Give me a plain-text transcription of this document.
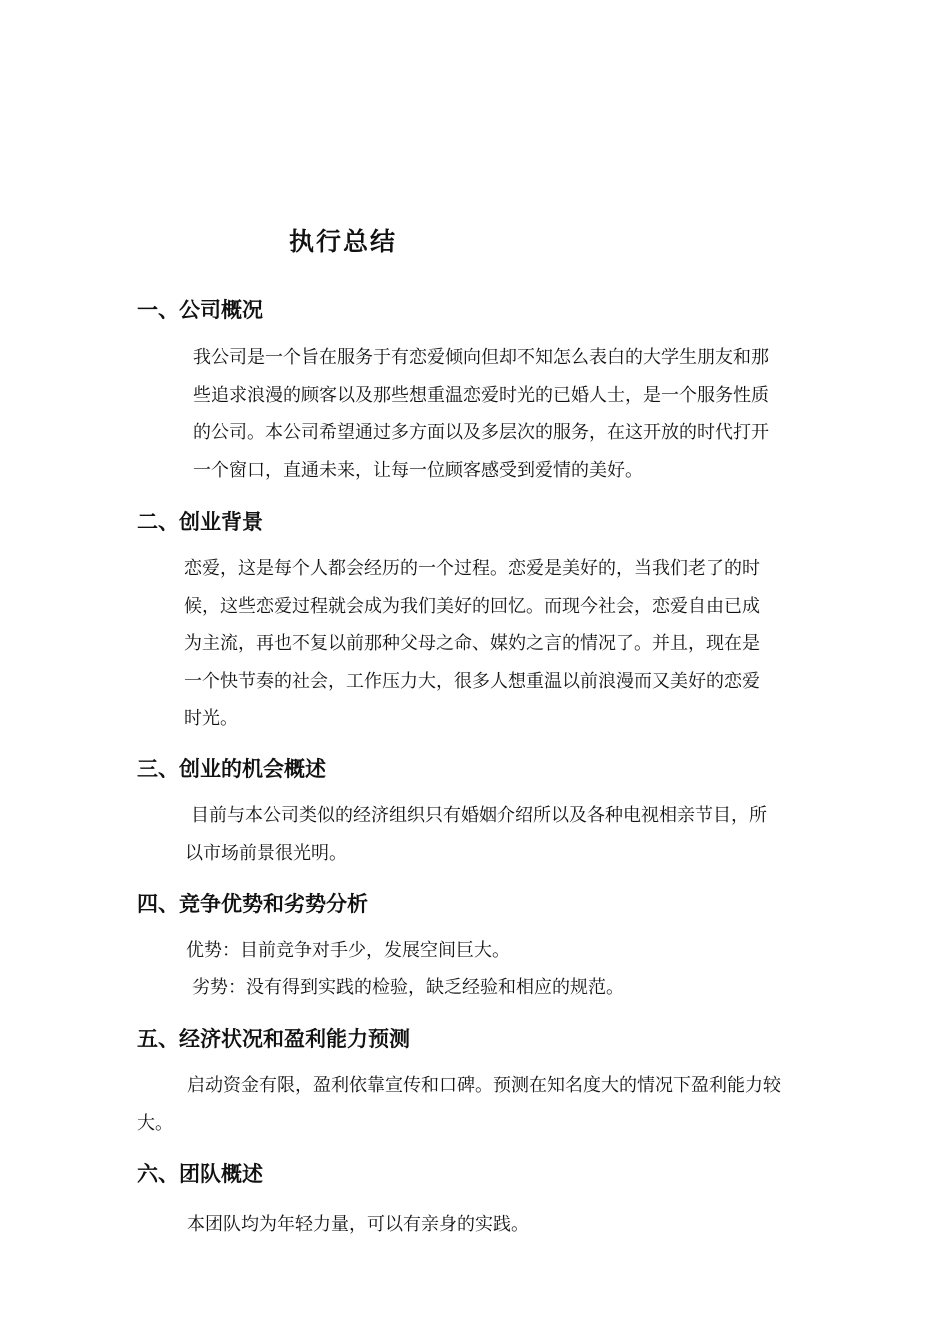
执行总结
一、公司概况
我公司是一个旨在服务于有恋爱倾向但却不知怎么表白的大学生朋友和那
些追求浪漫的顾客以及那些想重温恋爱时光的已婚人士，是一个服务性质
的公司。本公司希望通过多方面以及多层次的服务，在这开放的时代打开
一个窗口，直通未来，让每一位顾客感受到爱情的美好。
二、创业背景
恋爱，这是每个人都会经历的一个过程。恋爱是美好的，当我们老了的时
候，这些恋爱过程就会成为我们美好的回忆。而现今社会，恋爱自由已成
为主流，再也不复以前那种父母之命、媒妁之言的情况了。并且，现在是
一个快节奏的社会，工作压力大，很多人想重温以前浪漫而又美好的恋爱
时光。
三、创业的机会概述
目前与本公司类似的经济组织只有婚姻介绍所以及各种电视相亲节目，所
以市场前景很光明。
四、竞争优势和劣势分析
优势：目前竞争对手少，发展空间巨大。
劣势：没有得到实践的检验，缺乏经验和相应的规范。
五、经济状况和盈利能力预测
启动资金有限，盈利依靠宣传和口碑。预测在知名度大的情况下盈利能力较大。
六、团队概述
本团队均为年轻力量，可以有亲身的实践。
